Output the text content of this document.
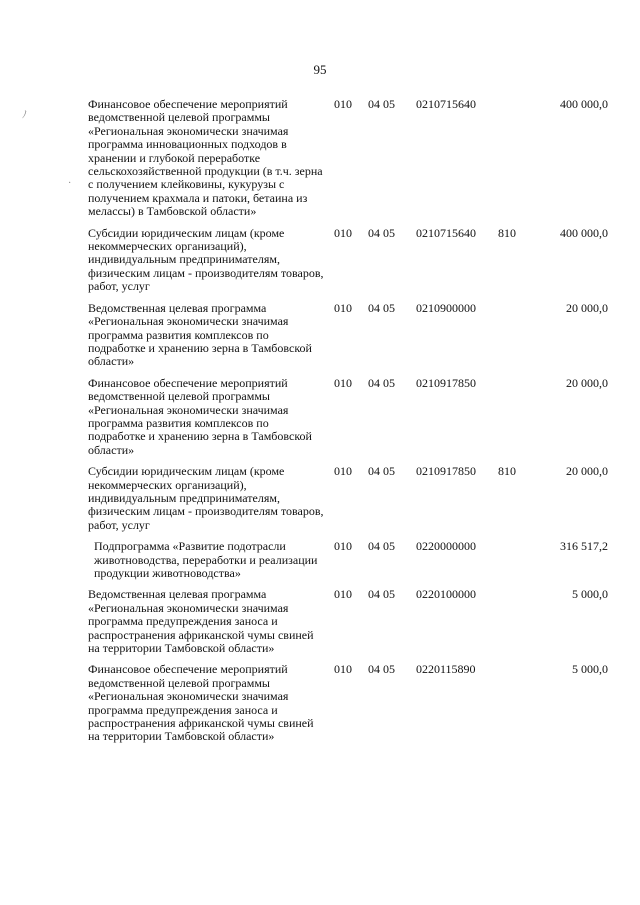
95
ﾉ
·
Финансовое обеспечение мероприятий ведомственной целевой программы «Региональная экономически значимая программа инновационных подходов в хранении и глубокой переработке сельскохозяйственной продукции (в т.ч. зерна с получением клейковины, кукурузы с получением крахмала и патоки, бетаина из мелассы) в Тамбовской области»	010	04 05	0210715640		400 000,0
Субсидии юридическим лицам (кроме некоммерческих организаций), индивидуальным предпринимателям, физическим лицам - производителям товаров, работ, услуг	010	04 05	0210715640	810	400 000,0
Ведомственная целевая программа «Региональная экономически значимая программа развития комплексов по подработке и хранению зерна в Тамбовской области»	010	04 05	0210900000		20 000,0
Финансовое обеспечение мероприятий ведомственной целевой программы «Региональная экономически значимая программа развития комплексов по подработке и хранению зерна в Тамбовской области»	010	04 05	0210917850		20 000,0
Субсидии юридическим лицам (кроме некоммерческих организаций), индивидуальным предпринимателям, физическим лицам - производителям товаров, работ, услуг	010	04 05	0210917850	810	20 000,0
Подпрограмма «Развитие подотрасли животноводства, переработки и реализации продукции животноводства»	010	04 05	0220000000		316 517,2
Ведомственная целевая программа «Региональная экономически значимая программа предупреждения заноса и распространения африканской чумы свиней на территории Тамбовской области»	010	04 05	0220100000		5 000,0
Финансовое обеспечение мероприятий ведомственной целевой программы «Региональная экономически значимая программа предупреждения заноса и распространения африканской чумы свиней на территории Тамбовской области»	010	04 05	0220115890		5 000,0
